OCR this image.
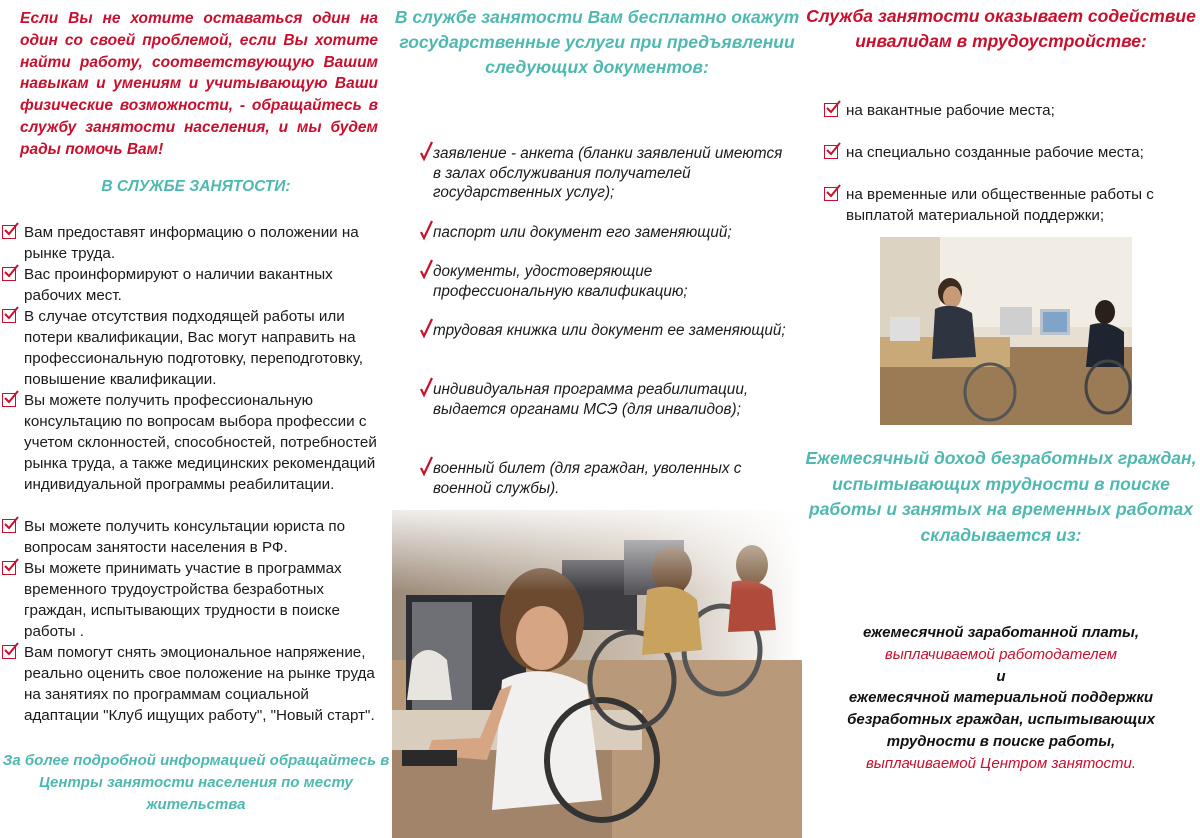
Если Вы не хотите оставаться один на один со своей проблемой, если Вы хотите найти работу, соответствующую Вашим навыкам и умениям и учитывающую Ваши физические возможности, - обращайтесь в службу занятости населения, и мы будем рады помочь Вам!

В СЛУЖБЕ ЗАНЯТОСТИ:
Вам предоставят информацию о положении на рынке труда.
Вас проинформируют о наличии вакантных рабочих мест.
В случае отсутствия подходящей работы или потери квалификации, Вас могут направить на профессиональную подготовку, переподготовку, повышение квалификации.
Вы можете получить профессиональную консультацию по вопросам выбора профессии с учетом склонностей, способностей, потребностей рынка труда, а также медицинских рекомендаций индивидуальной программы реабилитации.
Вы можете получить консультации юриста по вопросам занятости населения в РФ.
Вы можете принимать участие в программах временного трудоустройства безработных граждан, испытывающих трудности в поиске работы .
Вам помогут снять эмоциональное напряжение, реально оценить свое положение на рынке труда на занятиях по программам социальной адаптации "Клуб ищущих работу", "Новый старт".
За более подробной информацией обращайтесь в Центры занятости населения по месту жительства
В службе занятости Вам бесплатно окажут государственные услуги при предъявлении следующих документов:
заявление - анкета (бланки заявлений имеются в залах обслуживания получателей государственных услуг);
паспорт или документ его заменяющий;
документы, удостоверяющие профессиональную квалификацию;
трудовая книжка или документ ее заменяющий;
индивидуальная программа реабилитации, выдается органами МСЭ (для инвалидов);
военный билет (для граждан, уволенных с военной службы).
Служба занятости оказывает содействие инвалидам в трудоустройстве:
на вакантные рабочие места;
на специально созданные рабочие места;
на временные или общественные работы с выплатой материальной поддержки;
Ежемесячный доход безработных граждан, испытывающих трудности в поиске работы и занятых на временных работах складывается из:
ежемесячной заработанной платы,
выплачиваемой работодателем
и
ежемесячной материальной поддержки безработных граждан, испытывающих трудности в поиске работы,
выплачиваемой Центром занятости.
